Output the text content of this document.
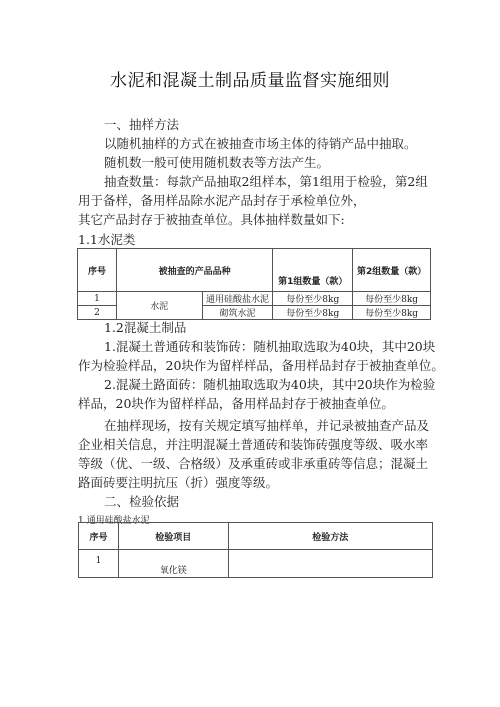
水泥和混凝土制品质量监督实施细则
一、抽样方法
以随机抽样的方式在被抽查市场主体的待销产品中抽取。
随机数一般可使用随机数表等方法产生。
抽查数量：每款产品抽取2组样本，第1组用于检验，第2组
用于备样，备用样品除水泥产品封存于承检单位外，
其它产品封存于被抽查单位。具体抽样数量如下:
1.1水泥类
序号	被抽查的产品品种		第1组数量（款）	第2组数量（款）
1	水泥	通用硅酸盐水泥	每份至少8kg	每份至少8kg
2		砌筑水泥	每份至少8kg	每份至少8kg
1.2混凝土制品
1.混凝土普通砖和装饰砖：随机抽取选取为40块，其中20块
作为检验样品，20块作为留样样品，备用样品封存于被抽查单位。
2.混凝土路面砖：随机抽取选取为40块，其中20块作为检验
样品，20块作为留样样品，备用样品封存于被抽查单位。
在抽样现场，按有关规定填写抽样单，并记录被抽查产品及
企业相关信息，并注明混凝土普通砖和装饰砖强度等级、吸水率
等级（优、一级、合格级）及承重砖或非承重砖等信息；混凝土
路面砖要注明抗压（折）强度等级。
二、检验依据
1.通用硅酸盐水泥
序号	检验项目	检验方法
1	氧化镁	
